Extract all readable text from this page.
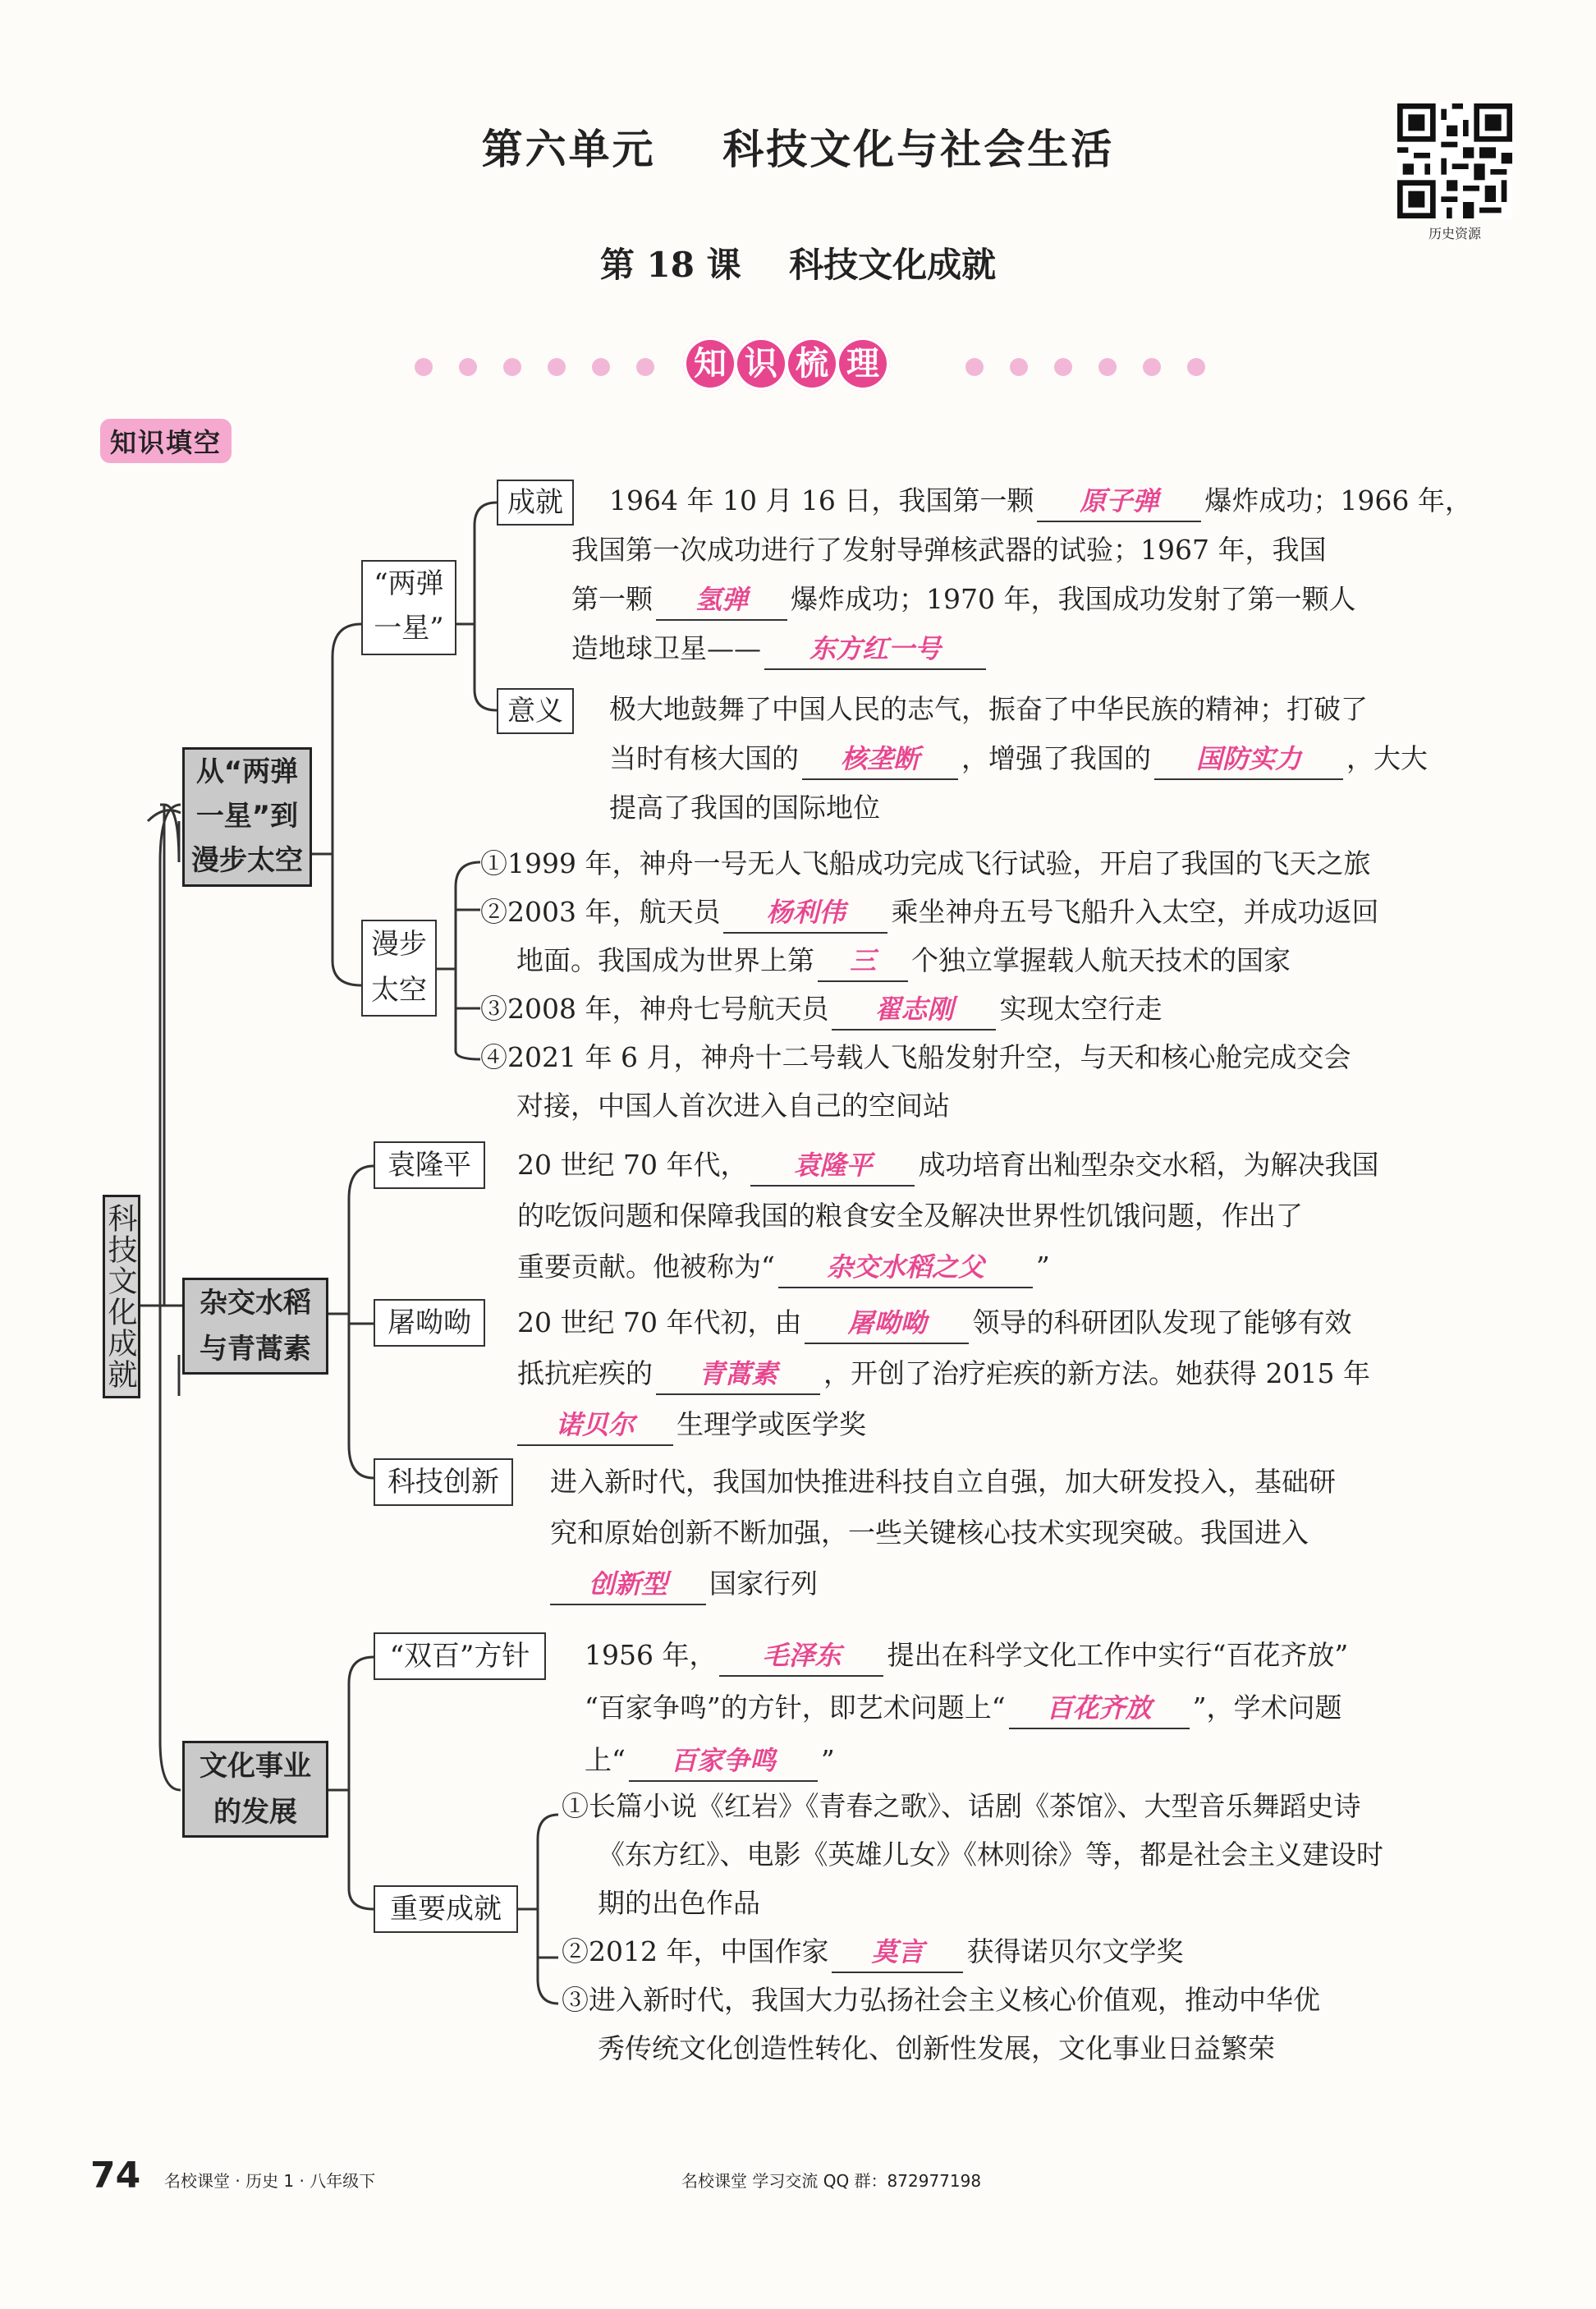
第六单元    科技文化与社会生活
第 18 课    科技文化成就
历史资源
知 识 梳 理
知识填空
科技文化成就
从“两弹
一星”到
漫步太空
“两弹
一星”
成就
意义
漫步
太空
1964 年 10 月 16 日，我国第一颗 原子弹 爆炸成功；1966 年，
我国第一次成功进行了发射导弹核武器的试验；1967 年，我国
第一颗 氢弹 爆炸成功；1970 年，我国成功发射了第一颗人
造地球卫星—— 东方红一号
极大地鼓舞了中国人民的志气，振奋了中华民族的精神；打破了
当时有核大国的 核垄断 ，增强了我国的 国防实力 ，大大
提高了我国的国际地位
①1999 年，神舟一号无人飞船成功完成飞行试验，开启了我国的飞天之旅
②2003 年，航天员 杨利伟 乘坐神舟五号飞船升入太空，并成功返回
地面。我国成为世界上第 三 个独立掌握载人航天技术的国家
③2008 年，神舟七号航天员 翟志刚 实现太空行走
④2021 年 6 月，神舟十二号载人飞船发射升空，与天和核心舱完成交会
对接，中国人首次进入自己的空间站
杂交水稻
与青蒿素
袁隆平
屠呦呦
科技创新
20 世纪 70 年代， 袁隆平 成功培育出籼型杂交水稻，为解决我国
的吃饭问题和保障我国的粮食安全及解决世界性饥饿问题，作出了
重要贡献。他被称为“ 杂交水稻之父 ”
20 世纪 70 年代初，由 屠呦呦 领导的科研团队发现了能够有效
抵抗疟疾的 青蒿素 ，开创了治疗疟疾的新方法。她获得 2015 年
诺贝尔 生理学或医学奖
进入新时代，我国加快推进科技自立自强，加大研发投入，基础研
究和原始创新不断加强，一些关键核心技术实现突破。我国进入
创新型 国家行列
文化事业
的发展
“双百”方针
重要成就
1956 年， 毛泽东 提出在科学文化工作中实行“百花齐放”
“百家争鸣”的方针，即艺术问题上“ 百花齐放 ”，学术问题
上“ 百家争鸣 ”
①长篇小说《红岩》《青春之歌》、话剧《茶馆》、大型音乐舞蹈史诗
《东方红》、电影《英雄儿女》《林则徐》等，都是社会主义建设时
期的出色作品
②2012 年，中国作家 莫言 获得诺贝尔文学奖
③进入新时代，我国大力弘扬社会主义核心价值观，推动中华优
秀传统文化创造性转化、创新性发展，文化事业日益繁荣
74 名校课堂 · 历史 1 · 八年级下	名校课堂 学习交流 QQ 群：872977198
